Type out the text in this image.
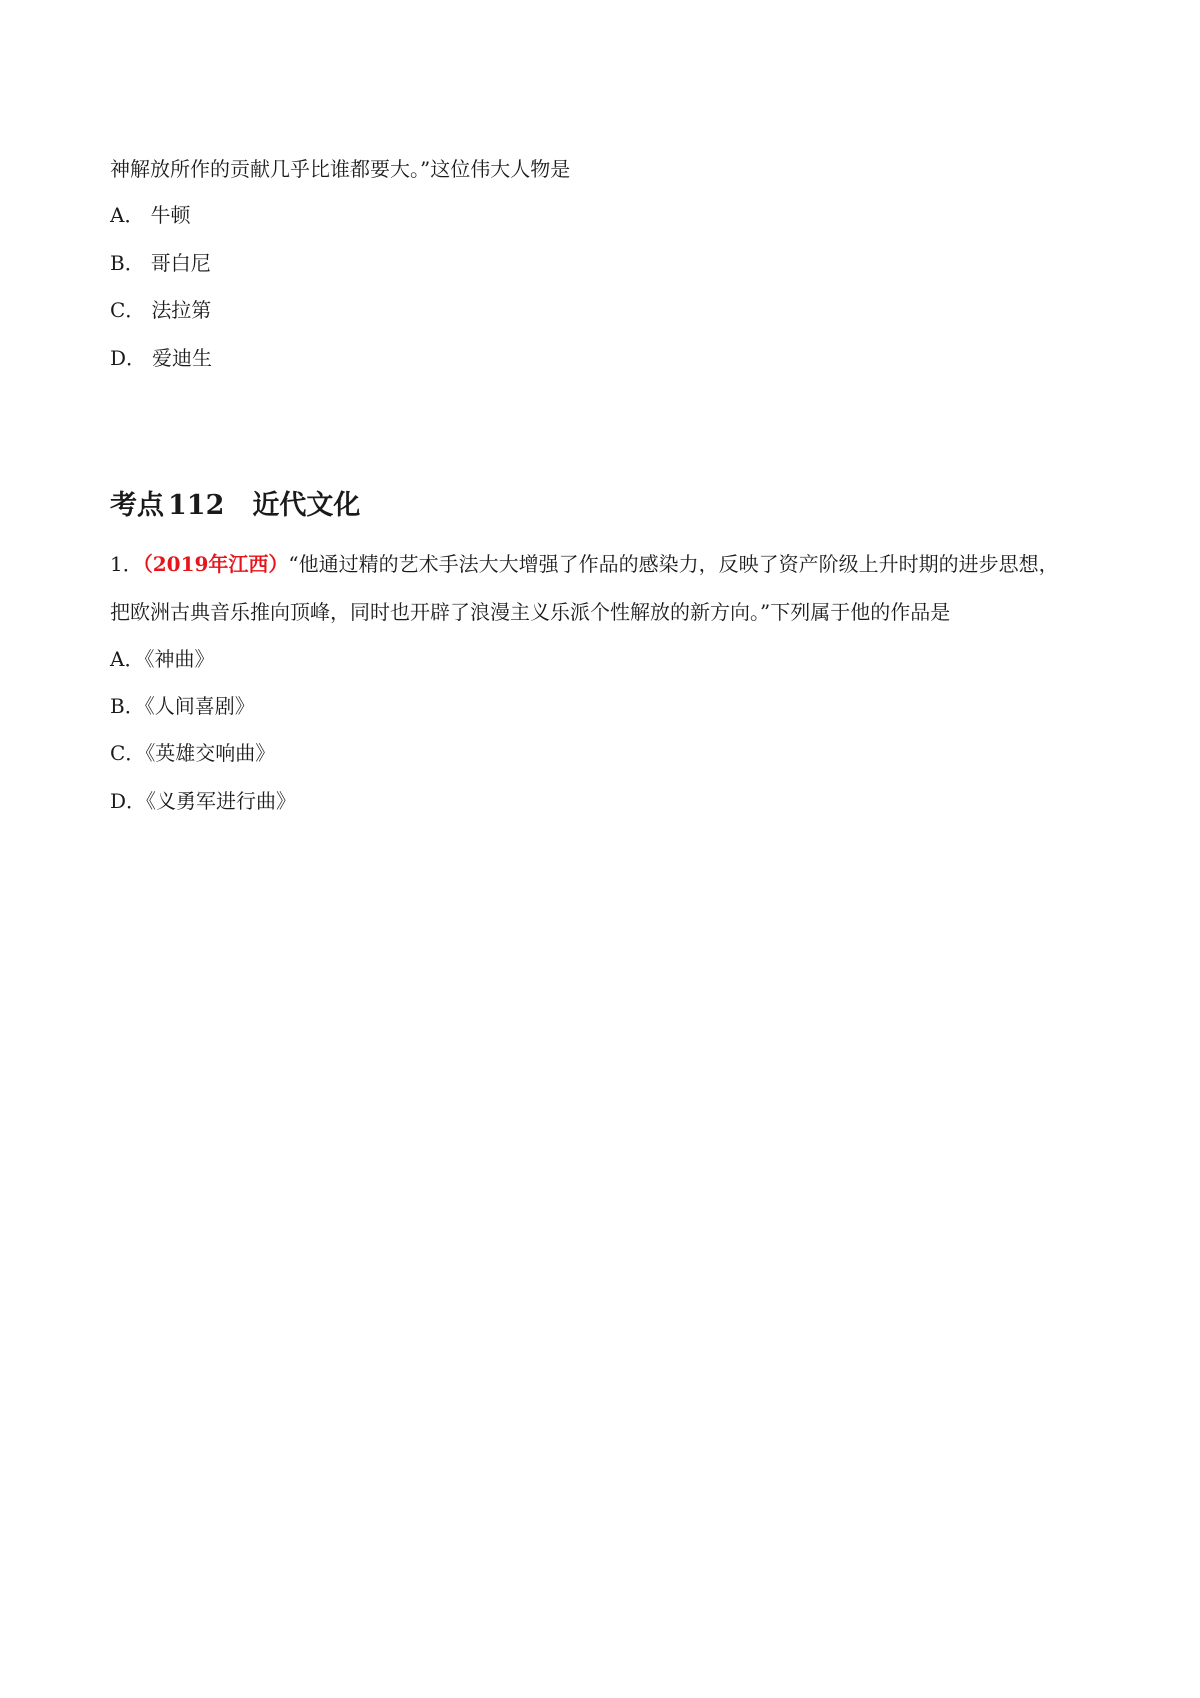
神解放所作的贡献几乎比谁都要大。”这位伟大人物是
A． 牛顿
B． 哥白尼
C． 法拉第
D． 爱迪生
考点 112 近代文化
1．（2019年江西）“他通过精的艺术手法大大增强了作品的感染力，反映了资产阶级上升时期的进步思想，
把欧洲古典音乐推向顶峰，同时也开辟了浪漫主义乐派个性解放的新方向。”下列属于他的作品是
A．《神曲》
B．《人间喜剧》
C．《英雄交响曲》
D．《义勇军进行曲》
